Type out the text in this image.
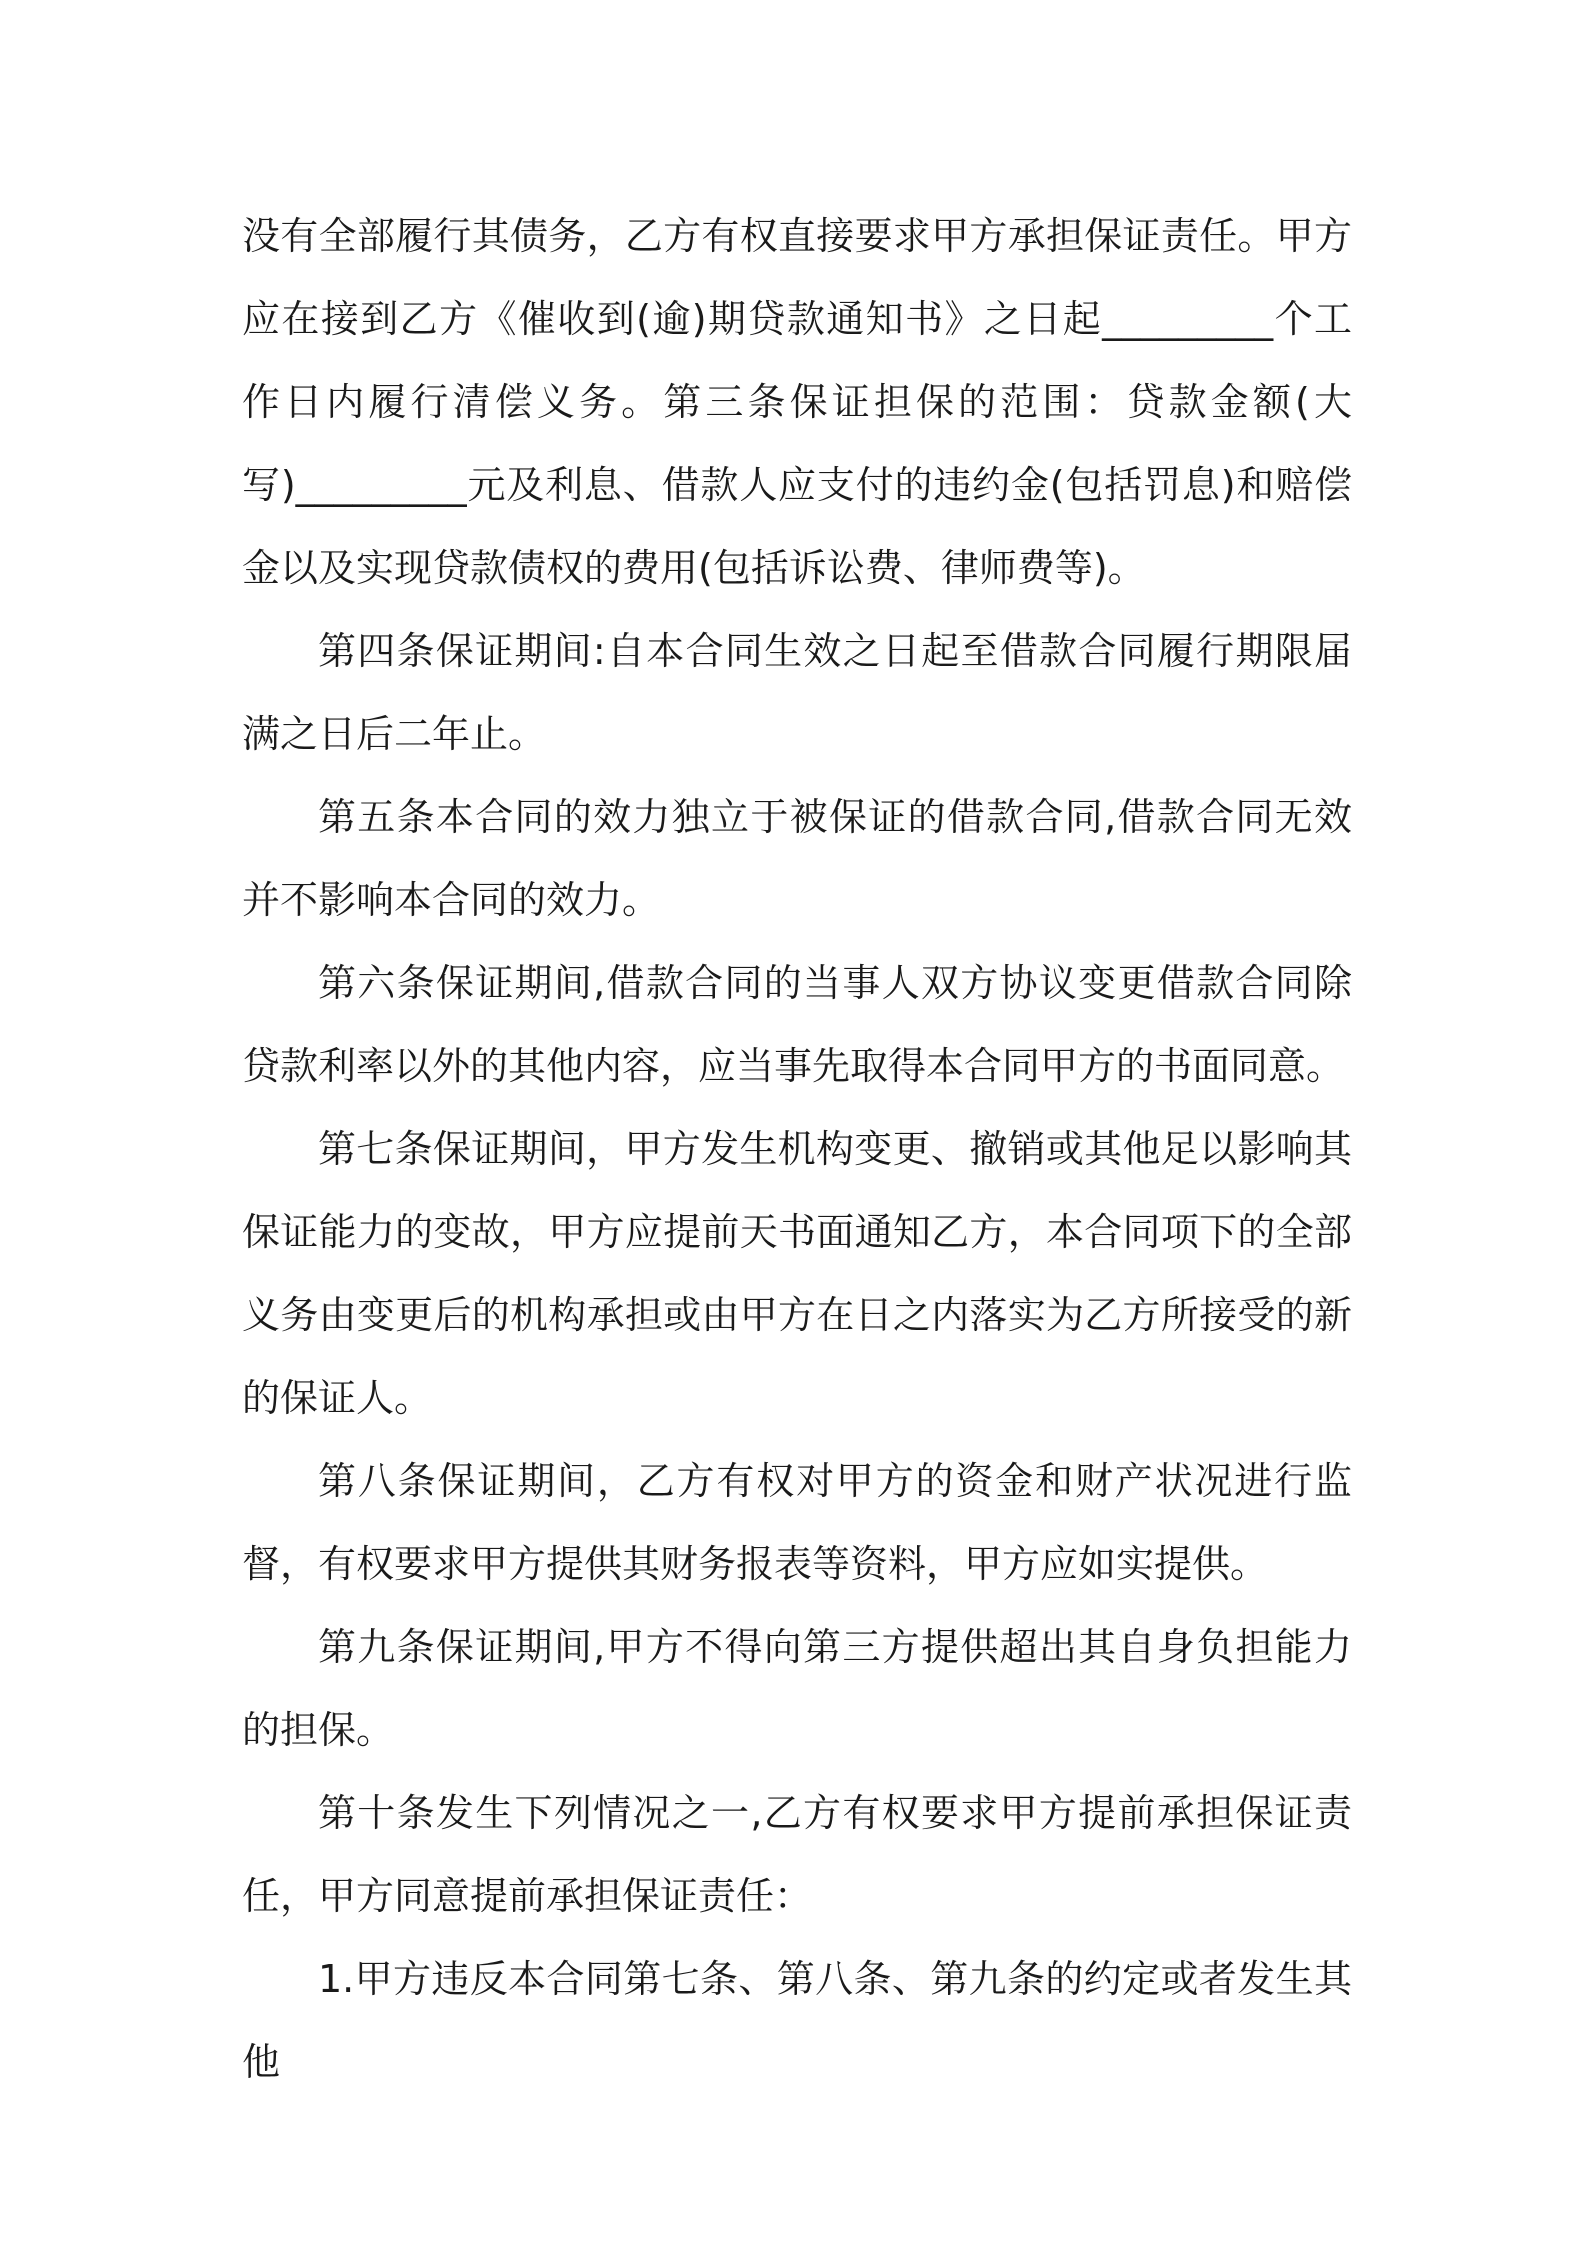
没有全部履行其债务，乙方有权直接要求甲方承担保证责任。甲方应在接到乙方《催收到(逾)期贷款通知书》之日起_________个工作日内履行清偿义务。第三条保证担保的范围：贷款金额(大写)_________元及利息、借款人应支付的违约金(包括罚息)和赔偿金以及实现贷款债权的费用(包括诉讼费、律师费等)。

第四条保证期间:自本合同生效之日起至借款合同履行期限届满之日后二年止。

第五条本合同的效力独立于被保证的借款合同,借款合同无效并不影响本合同的效力。

第六条保证期间,借款合同的当事人双方协议变更借款合同除贷款利率以外的其他内容，应当事先取得本合同甲方的书面同意。

第七条保证期间，甲方发生机构变更、撤销或其他足以影响其保证能力的变故，甲方应提前天书面通知乙方，本合同项下的全部义务由变更后的机构承担或由甲方在日之内落实为乙方所接受的新的保证人。

第八条保证期间，乙方有权对甲方的资金和财产状况进行监督，有权要求甲方提供其财务报表等资料，甲方应如实提供。

第九条保证期间,甲方不得向第三方提供超出其自身负担能力的担保。

第十条发生下列情况之一,乙方有权要求甲方提前承担保证责任，甲方同意提前承担保证责任：

1.甲方违反本合同第七条、第八条、第九条的约定或者发生其他
